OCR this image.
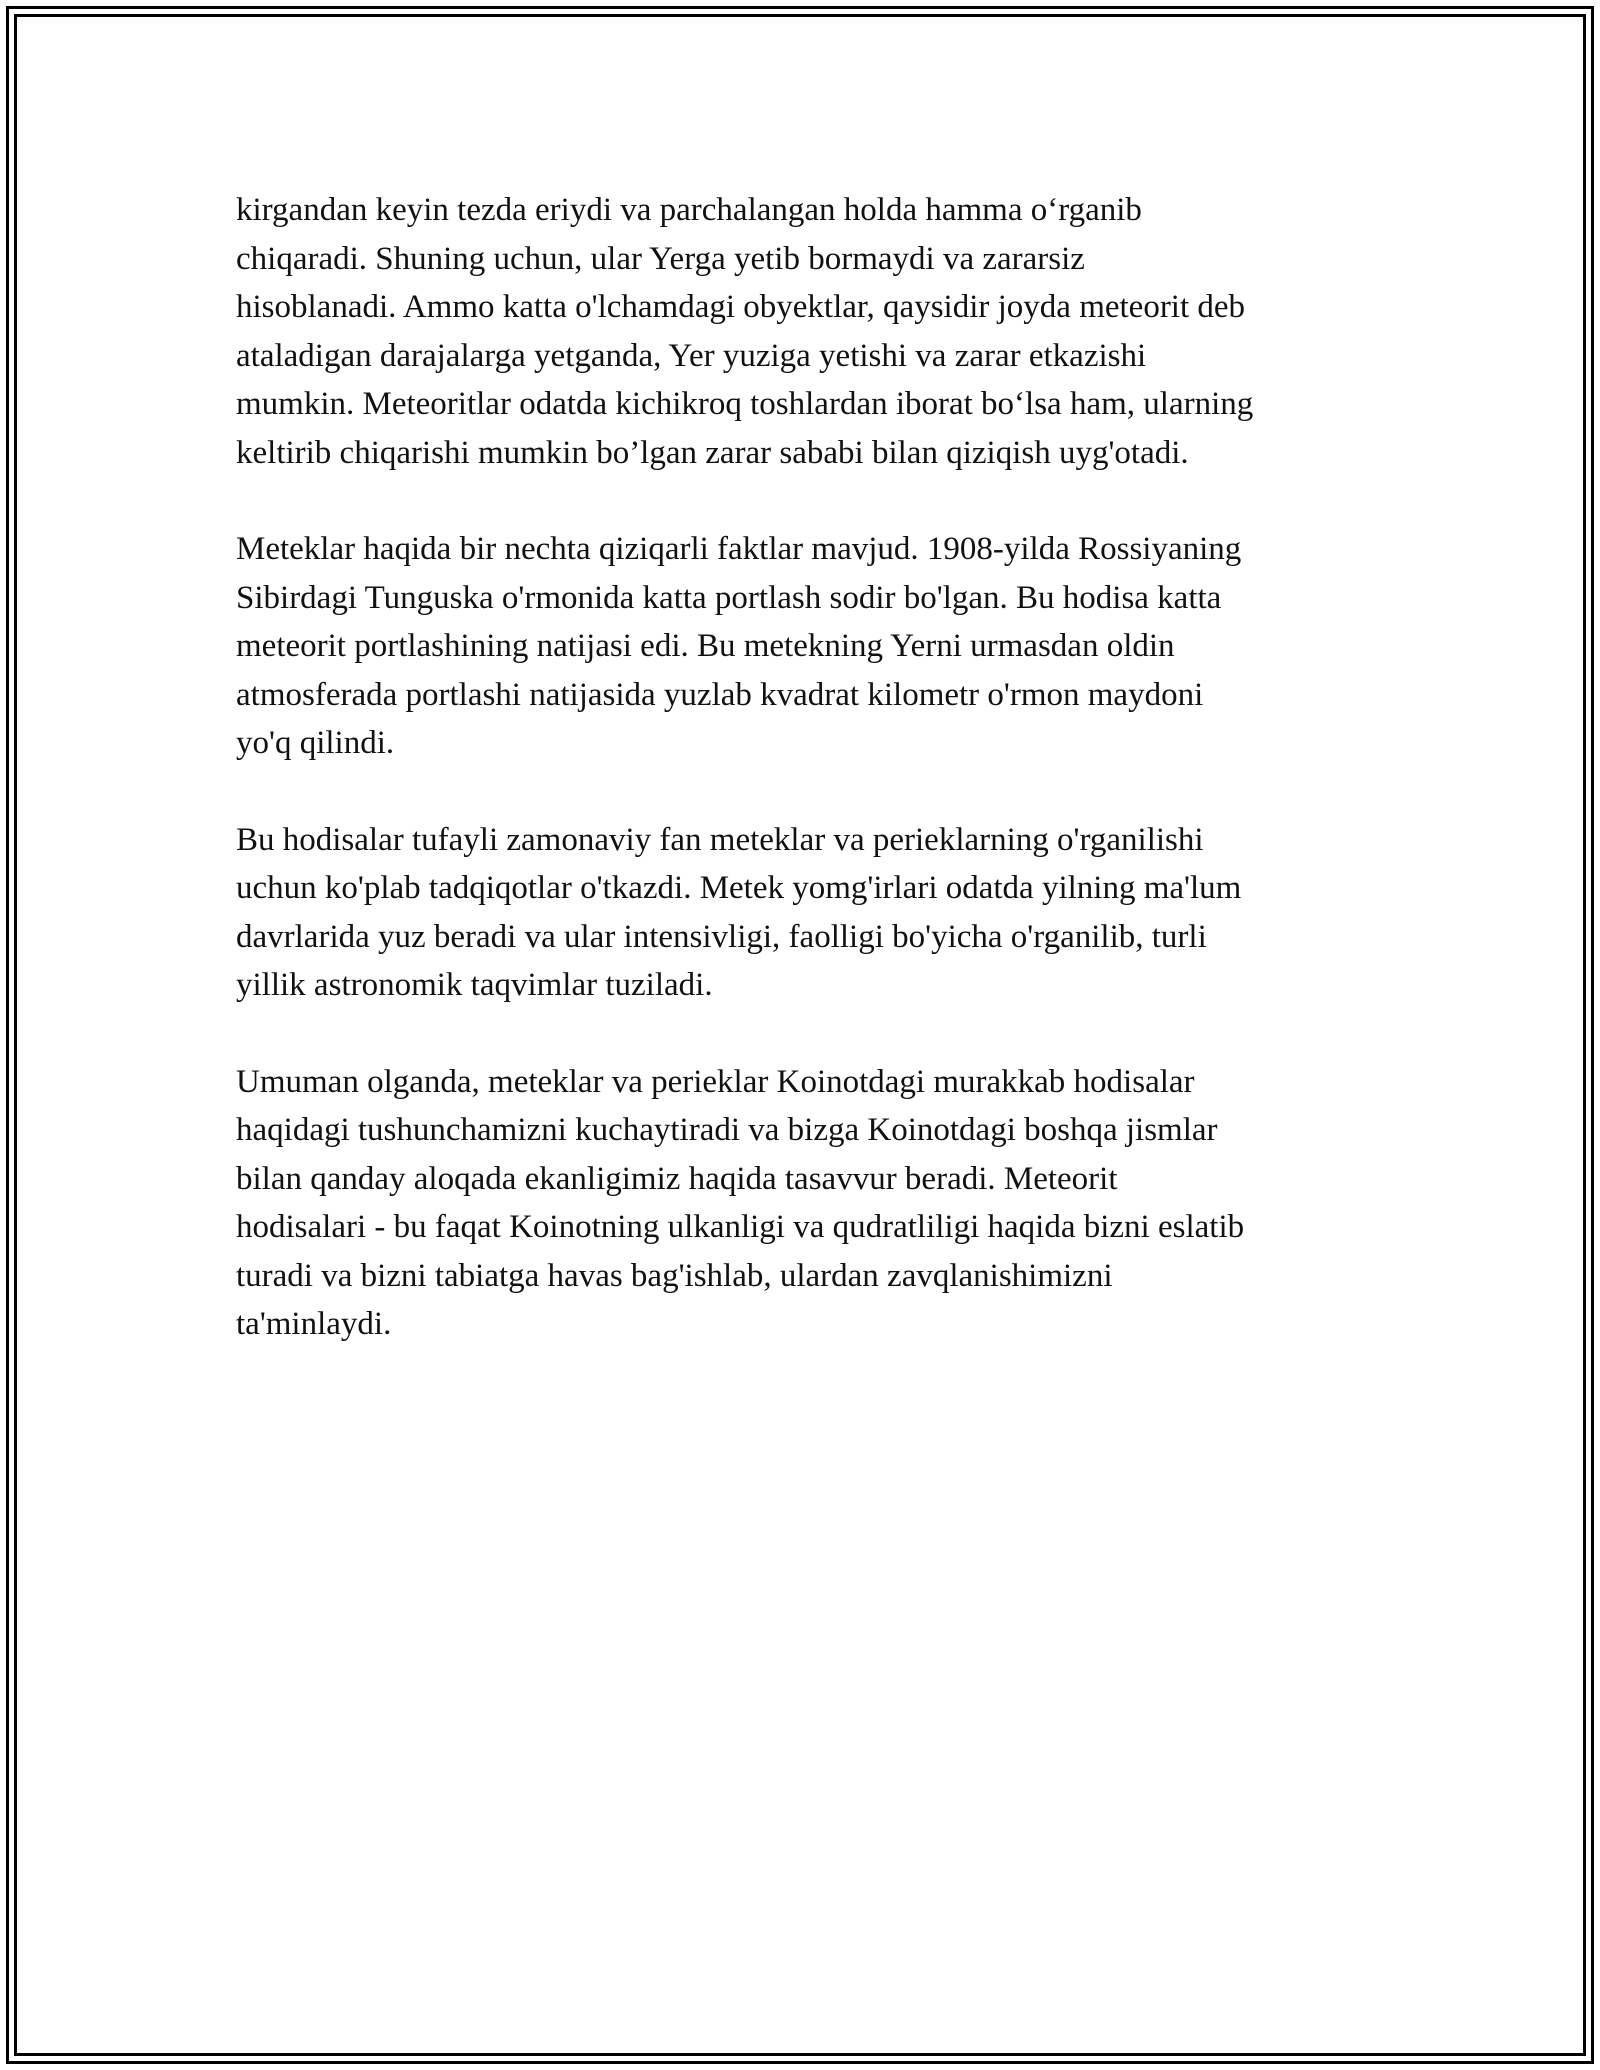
kirgandan keyin tezda eriydi va parchalangan holda hamma o‘rganib
chiqaradi. Shuning uchun, ular Yerga yetib bormaydi va zararsiz
hisoblanadi. Ammo katta o'lchamdagi obyektlar, qaysidir joyda meteorit deb
ataladigan darajalarga yetganda, Yer yuziga yetishi va zarar etkazishi
mumkin. Meteoritlar odatda kichikroq toshlardan iborat bo‘lsa ham, ularning
keltirib chiqarishi mumkin bo’lgan zarar sababi bilan qiziqish uyg'otadi.

Meteklar haqida bir nechta qiziqarli faktlar mavjud. 1908-yilda Rossiyaning
Sibirdagi Tunguska o'rmonida katta portlash sodir bo'lgan. Bu hodisa katta
meteorit portlashining natijasi edi. Bu metekning Yerni urmasdan oldin
atmosferada portlashi natijasida yuzlab kvadrat kilometr o'rmon maydoni
yo'q qilindi.

Bu hodisalar tufayli zamonaviy fan meteklar va perieklarning o'rganilishi
uchun ko'plab tadqiqotlar o'tkazdi. Metek yomg'irlari odatda yilning ma'lum
davrlarida yuz beradi va ular intensivligi, faolligi bo'yicha o'rganilib, turli
yillik astronomik taqvimlar tuziladi.

Umuman olganda, meteklar va perieklar Koinotdagi murakkab hodisalar
haqidagi tushunchamizni kuchaytiradi va bizga Koinotdagi boshqa jismlar
bilan qanday aloqada ekanligimiz haqida tasavvur beradi. Meteorit
hodisalari - bu faqat Koinotning ulkanligi va qudratliligi haqida bizni eslatib
turadi va bizni tabiatga havas bag'ishlab, ulardan zavqlanishimizni
ta'minlaydi.
